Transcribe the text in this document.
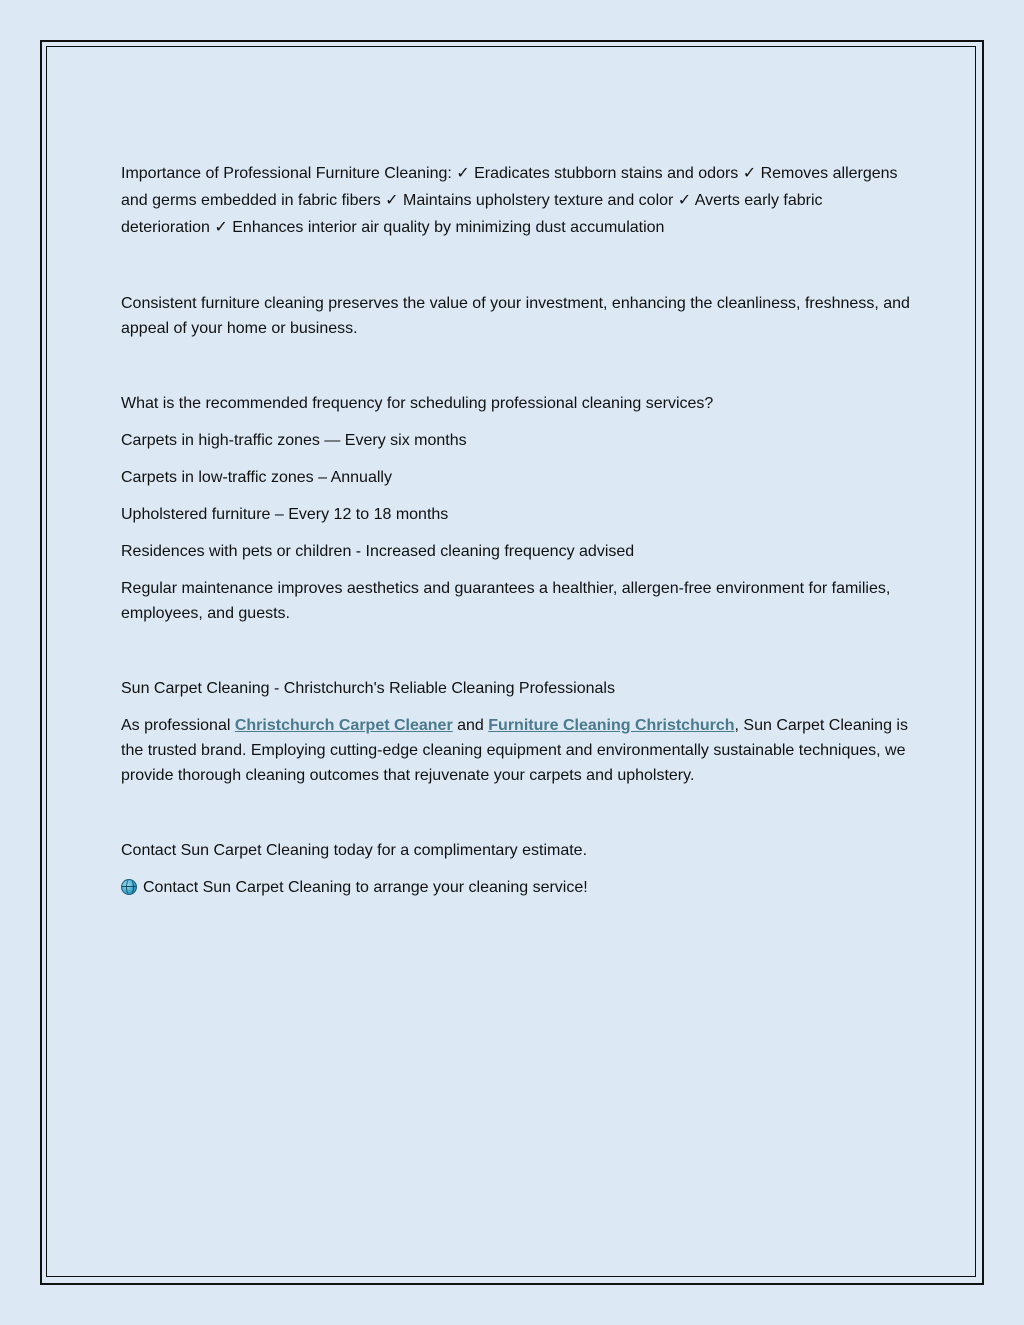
Importance of Professional Furniture Cleaning: ✓ Eradicates stubborn stains and odors ✓ Removes allergens and germs embedded in fabric fibers ✓ Maintains upholstery texture and color ✓ Averts early fabric deterioration ✓ Enhances interior air quality by minimizing dust accumulation

Consistent furniture cleaning preserves the value of your investment, enhancing the cleanliness, freshness, and appeal of your home or business.

What is the recommended frequency for scheduling professional cleaning services?

Carpets in high-traffic zones — Every six months

Carpets in low-traffic zones – Annually

Upholstered furniture – Every 12 to 18 months

Residences with pets or children - Increased cleaning frequency advised

Regular maintenance improves aesthetics and guarantees a healthier, allergen-free environment for families, employees, and guests.

Sun Carpet Cleaning - Christchurch's Reliable Cleaning Professionals

As professional Christchurch Carpet Cleaner and Furniture Cleaning Christchurch, Sun Carpet Cleaning is the trusted brand. Employing cutting-edge cleaning equipment and environmentally sustainable techniques, we provide thorough cleaning outcomes that rejuvenate your carpets and upholstery.

Contact Sun Carpet Cleaning today for a complimentary estimate.

Contact Sun Carpet Cleaning to arrange your cleaning service!
